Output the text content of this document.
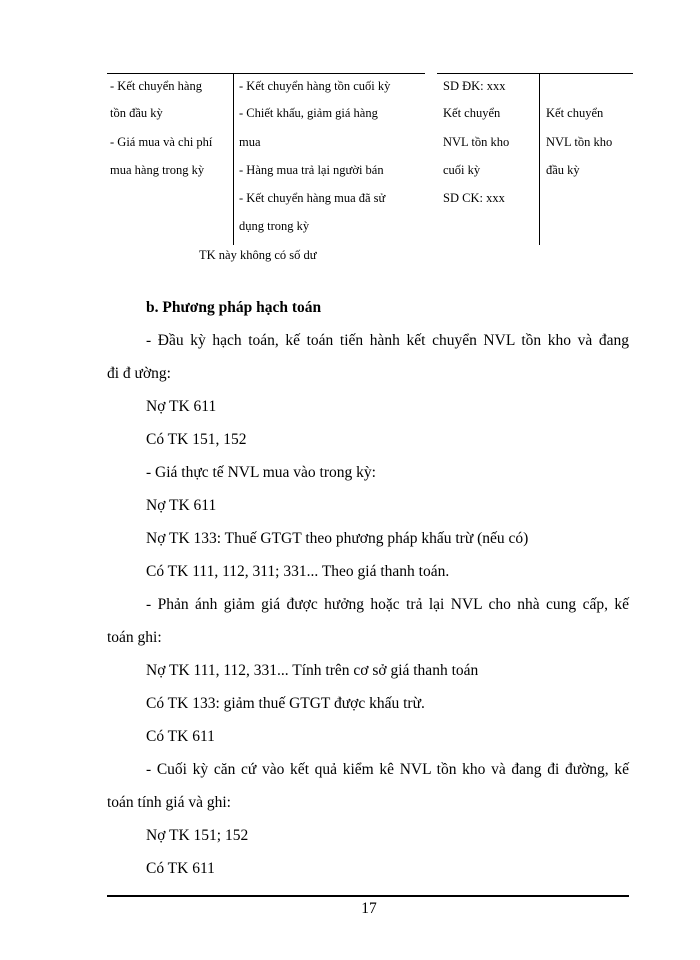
- Kết chuyển hàng
tồn đầu kỳ
- Giá mua và chi phí
mua hàng trong kỳ
- Kết chuyển hàng tồn cuối kỳ
- Chiết khấu, giảm giá hàng
mua
- Hàng mua trả lại người bán
- Kết chuyển hàng mua đã sử
dụng trong kỳ
TK này không có số dư
SD ĐK: xxx
Kết chuyển
NVL tồn kho
cuối kỳ
SD CK: xxx
Kết chuyển
NVL tồn kho
đầu kỳ
b. Phương pháp hạch toán
- Đầu kỳ hạch toán, kế toán tiến hành kết chuyển NVL tồn kho và đang
đi đ ường:
Nợ TK 611
Có TK 151, 152
- Giá thực tế NVL mua vào trong kỳ:
Nợ TK 611
Nợ TK 133: Thuế GTGT theo phương pháp khấu trừ (nếu có)
Có TK 111, 112, 311; 331... Theo giá thanh toán.
- Phản ánh giảm giá được hưởng hoặc trả lại NVL cho nhà cung cấp, kế
toán ghi:
Nợ TK 111, 112, 331... Tính trên cơ sở giá thanh toán
Có TK 133: giảm thuế GTGT được khấu trừ.
Có TK 611
- Cuối kỳ căn cứ vào kết quả kiểm kê NVL tồn kho và đang đi đường, kế
toán tính giá và ghi:
Nợ TK 151; 152
Có TK 611
17
